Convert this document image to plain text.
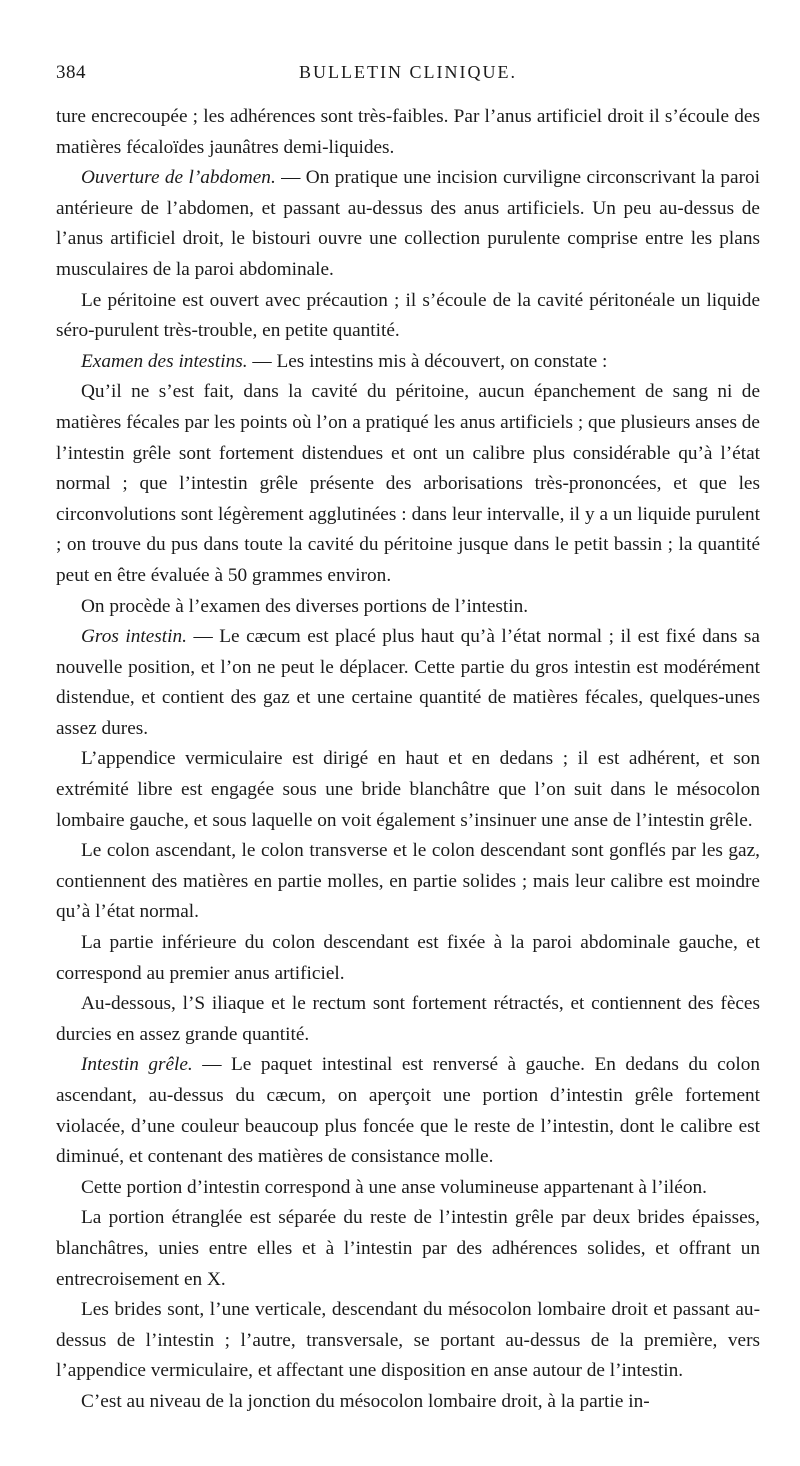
384	BULLETIN CLINIQUE.

ture encrecoupée ; les adhérences sont très-faibles. Par l’anus artificiel droit il s’écoule des matières fécaloïdes jaunâtres demi-liquides.

Ouverture de l’abdomen. — On pratique une incision curviligne circonscrivant la paroi antérieure de l’abdomen, et passant au-dessus des anus artificiels. Un peu au-dessus de l’anus artificiel droit, le bistouri ouvre une collection purulente comprise entre les plans musculaires de la paroi abdominale.

Le péritoine est ouvert avec précaution ; il s’écoule de la cavité péritonéale un liquide séro-purulent très-trouble, en petite quantité.

Examen des intestins. — Les intestins mis à découvert, on constate :

Qu’il ne s’est fait, dans la cavité du péritoine, aucun épanchement de sang ni de matières fécales par les points où l’on a pratiqué les anus artificiels ; que plusieurs anses de l’intestin grêle sont fortement distendues et ont un calibre plus considérable qu’à l’état normal ; que l’intestin grêle présente des arborisations très-prononcées, et que les circonvolutions sont légèrement agglutinées : dans leur intervalle, il y a un liquide purulent ; on trouve du pus dans toute la cavité du péritoine jusque dans le petit bassin ; la quantité peut en être évaluée à 50 grammes environ.

On procède à l’examen des diverses portions de l’intestin.

Gros intestin. — Le cæcum est placé plus haut qu’à l’état normal ; il est fixé dans sa nouvelle position, et l’on ne peut le déplacer. Cette partie du gros intestin est modérément distendue, et contient des gaz et une certaine quantité de matières fécales, quelques-unes assez dures.

L’appendice vermiculaire est dirigé en haut et en dedans ; il est adhérent, et son extrémité libre est engagée sous une bride blanchâtre que l’on suit dans le mésocolon lombaire gauche, et sous laquelle on voit également s’insinuer une anse de l’intestin grêle.

Le colon ascendant, le colon transverse et le colon descendant sont gonflés par les gaz, contiennent des matières en partie molles, en partie solides ; mais leur calibre est moindre qu’à l’état normal.

La partie inférieure du colon descendant est fixée à la paroi abdominale gauche, et correspond au premier anus artificiel.

Au-dessous, l’S iliaque et le rectum sont fortement rétractés, et contiennent des fèces durcies en assez grande quantité.

Intestin grêle. — Le paquet intestinal est renversé à gauche. En dedans du colon ascendant, au-dessus du cæcum, on aperçoit une portion d’intestin grêle fortement violacée, d’une couleur beaucoup plus foncée que le reste de l’intestin, dont le calibre est diminué, et contenant des matières de consistance molle.

Cette portion d’intestin correspond à une anse volumineuse appartenant à l’iléon.

La portion étranglée est séparée du reste de l’intestin grêle par deux brides épaisses, blanchâtres, unies entre elles et à l’intestin par des adhérences solides, et offrant un entrecroisement en X.

Les brides sont, l’une verticale, descendant du mésocolon lombaire droit et passant au-dessus de l’intestin ; l’autre, transversale, se portant au-dessus de la première, vers l’appendice vermiculaire, et affectant une disposition en anse autour de l’intestin.

C’est au niveau de la jonction du mésocolon lombaire droit, à la partie in-
